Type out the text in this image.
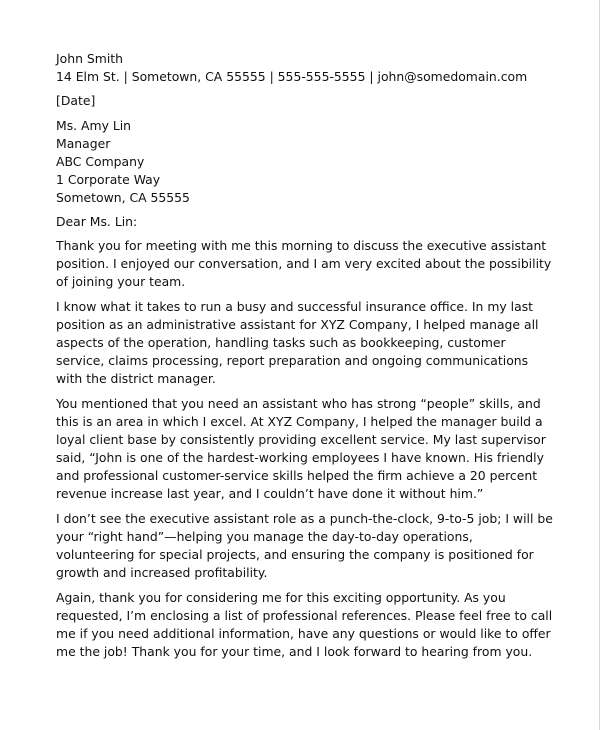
John Smith
14 Elm St. | Sometown, CA 55555 | 555-555-5555 | john@somedomain.com
[Date]
Ms. Amy Lin
Manager
ABC Company
1 Corporate Way
Sometown, CA 55555
Dear Ms. Lin:

Thank you for meeting with me this morning to discuss the executive assistant
position. I enjoyed our conversation, and I am very excited about the possibility
of joining your team.

I know what it takes to run a busy and successful insurance office. In my last
position as an administrative assistant for XYZ Company, I helped manage all
aspects of the operation, handling tasks such as bookkeeping, customer
service, claims processing, report preparation and ongoing communications
with the district manager.

You mentioned that you need an assistant who has strong “people” skills, and
this is an area in which I excel. At XYZ Company, I helped the manager build a
loyal client base by consistently providing excellent service. My last supervisor
said, “John is one of the hardest-working employees I have known. His friendly
and professional customer-service skills helped the firm achieve a 20 percent
revenue increase last year, and I couldn’t have done it without him.”

I don’t see the executive assistant role as a punch-the-clock, 9-to-5 job; I will be
your “right hand”—helping you manage the day-to-day operations,
volunteering for special projects, and ensuring the company is positioned for
growth and increased profitability.

Again, thank you for considering me for this exciting opportunity. As you
requested, I’m enclosing a list of professional references. Please feel free to call
me if you need additional information, have any questions or would like to offer
me the job! Thank you for your time, and I look forward to hearing from you.
